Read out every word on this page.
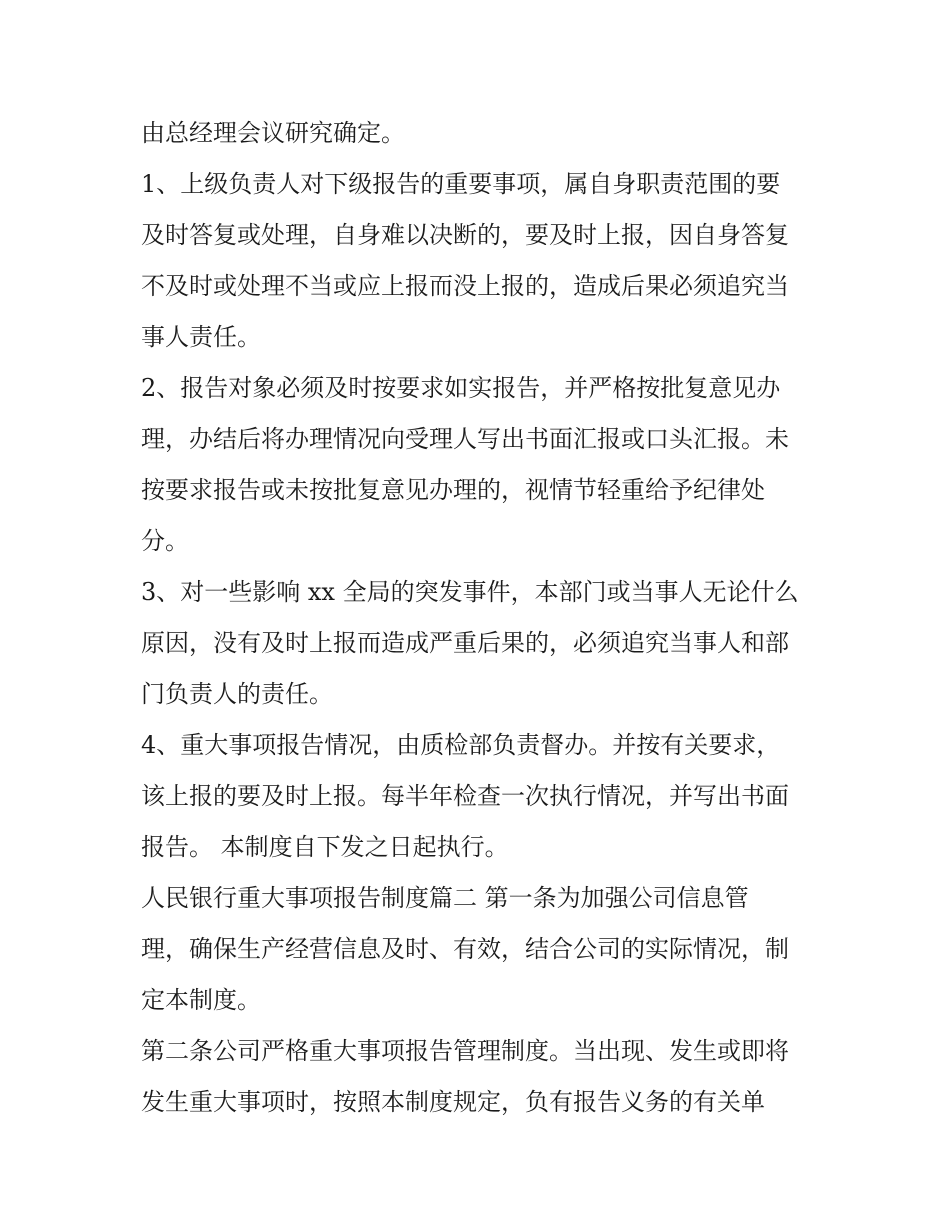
由总经理会议研究确定。
1、上级负责人对下级报告的重要事项，属自身职责范围的要
及时答复或处理，自身难以决断的，要及时上报，因自身答复
不及时或处理不当或应上报而没上报的，造成后果必须追究当
事人责任。
2、报告对象必须及时按要求如实报告，并严格按批复意见办
理，办结后将办理情况向受理人写出书面汇报或口头汇报。未
按要求报告或未按批复意见办理的，视情节轻重给予纪律处
分。
3、对一些影响 xx 全局的突发事件，本部门或当事人无论什么
原因，没有及时上报而造成严重后果的，必须追究当事人和部
门负责人的责任。
4、重大事项报告情况，由质检部负责督办。并按有关要求，
该上报的要及时上报。每半年检查一次执行情况，并写出书面
报告。 本制度自下发之日起执行。
人民银行重大事项报告制度篇二 第一条为加强公司信息管
理，确保生产经营信息及时、有效，结合公司的实际情况，制
定本制度。
第二条公司严格重大事项报告管理制度。当出现、发生或即将
发生重大事项时，按照本制度规定，负有报告义务的有关单
